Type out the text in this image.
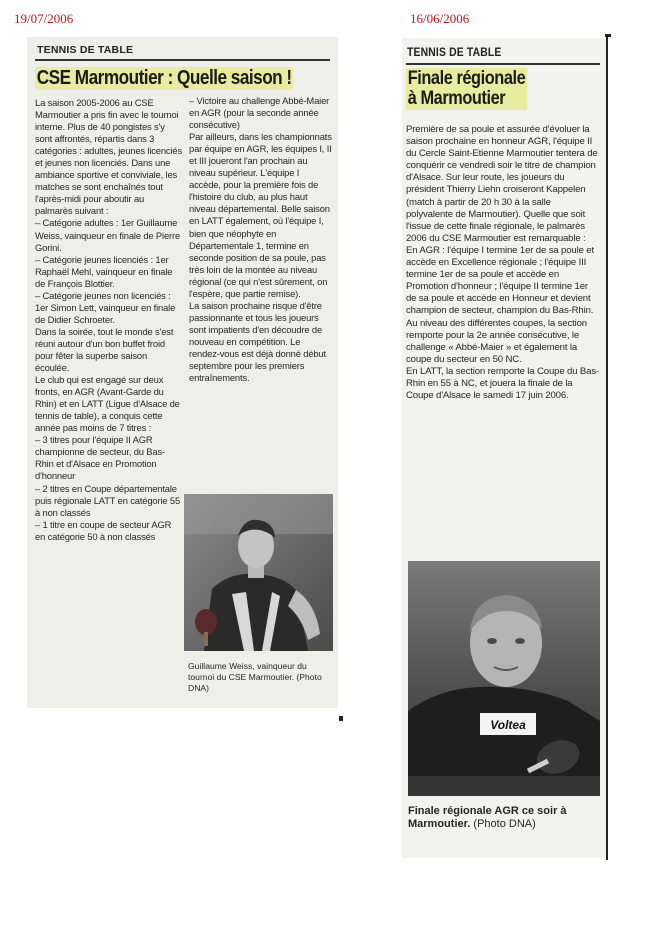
19/07/2006	16/06/2006
TENNIS DE TABLE
CSE Marmoutier : Quelle saison !

La saison 2005-2006 au CSE Marmoutier a pris fin avec le tournoi interne. Plus de 40 pongistes s'y sont affrontés, répartis dans 3 catégories : adultes, jeunes licenciés et jeunes non licenciés. Dans une ambiance sportive et conviviale, les matches se sont enchaînés tout l'après-midi pour aboutir au palmarès suivant :

– Catégorie adultes : 1er Guillaume Weiss, vainqueur en finale de Pierre Gorini.

– Catégorie jeunes licenciés : 1er Raphaël Mehl, vainqueur en finale de François Blottier.

– Catégorie jeunes non licenciés : 1er Simon Lett, vainqueur en finale de Didier Schroeter.

Dans la soirée, tout le monde s'est réuni autour d'un bon buffet froid pour fêter la superbe saison écoulée.

Le club qui est engagé sur deux fronts, en AGR (Avant-Garde du Rhin) et en LATT (Ligue d'Alsace de tennis de table), a conquis cette année pas moins de 7 titres :

– 3 titres pour l'équipe II AGR championne de secteur, du Bas-Rhin et d'Alsace en Promotion d'honneur

– 2 titres en Coupe départementale puis régionale LATT en catégorie 55 à non classés

– 1 titre en coupe de secteur AGR en catégorie 50 à non classés

– Victoire au challenge Abbé-Maier en AGR (pour la seconde année consécutive)

Par ailleurs, dans les championnats par équipe en AGR, les équipes I, II et III joueront l'an prochain au niveau supérieur. L'équipe I accède, pour la première fois de l'histoire du club, au plus haut niveau départemental. Belle saison en LATT également, où l'équipe I, bien que néophyte en Départementale 1, termine en seconde position de sa poule, pas très loin de la montée au niveau régional (ce qui n'est sûrement, on l'espère, que partie remise).

La saison prochaine risque d'être passionnante et tous les joueurs sont impatients d'en découdre de nouveau en compétition. Le rendez-vous est déjà donné début septembre pour les premiers entraînements.

Guillaume Weiss, vainqueur du tournoi du CSE Marmoutier. (Photo DNA)
TENNIS DE TABLE
Finale régionale
à Marmoutier

Première de sa poule et assurée d'évoluer la saison prochaine en honneur AGR, l'équipe II du Cercle Saint-Etienne Marmoutier tentera de conquérir ce vendredi soir le titre de champion d'Alsace. Sur leur route, les joueurs du président Thierry Liehn croiseront Kappelen (match à partir de 20 h 30 à la salle polyvalente de Marmoutier). Quelle que soit l'issue de cette finale régionale, le palmarès 2006 du CSE Marmoutier est remarquable :

En AGR : l'équipe I termine 1er de sa poule et accède en Excellence régionale ; l'équipe III termine 1er de sa poule et accède en Promotion d'honneur ; l'équipe II termine 1er de sa poule et accède en Honneur et devient champion de secteur, champion du Bas-Rhin.

Au niveau des différentes coupes, la section remporte pour la 2e année consécutive, le challenge « Abbé-Maier » et également la coupe du secteur en 50 NC.

En LATT, la section remporte la Coupe du Bas-Rhin en 55 à NC, et jouera la finale de la Coupe d'Alsace le samedi 17 juin 2006.

Voltea
Finale régionale AGR ce soir à Marmoutier. (Photo DNA)
